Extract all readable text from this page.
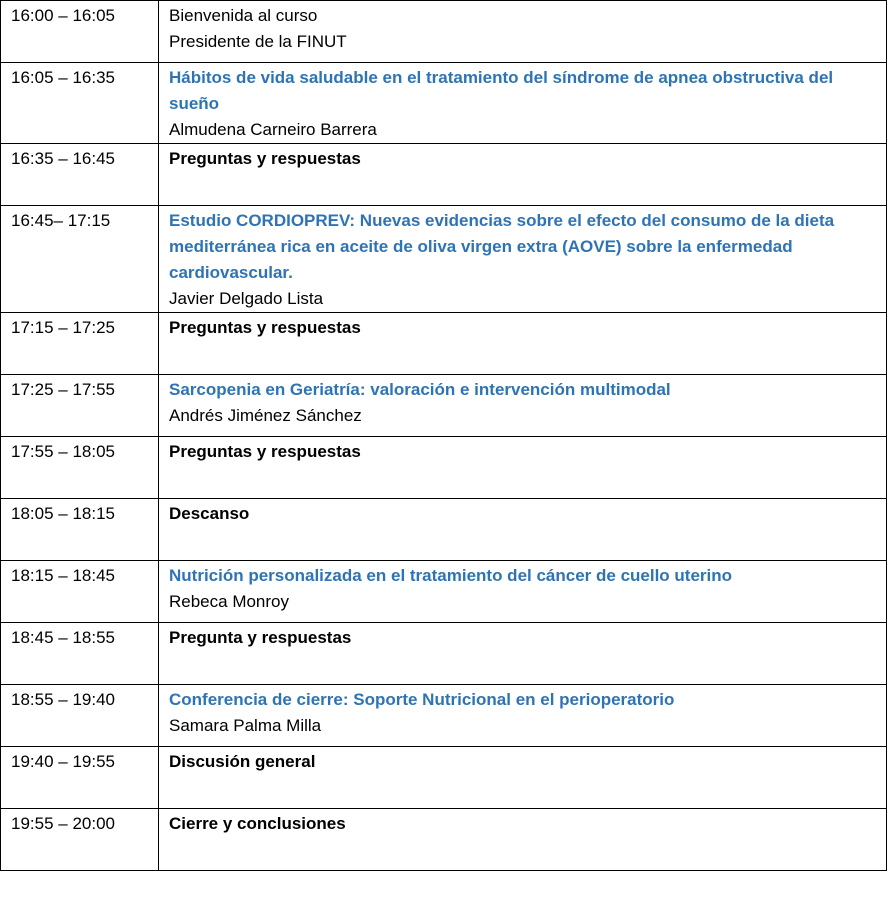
16:00 – 16:05	Bienvenida al curso
Presidente de la FINUT

16:05 – 16:35	Hábitos de vida saludable en el tratamiento del síndrome de apnea obstructiva del sueño
Almudena Carneiro Barrera

16:35 – 16:45	Preguntas y respuestas

16:45– 17:15	Estudio CORDIOPREV: Nuevas evidencias sobre el efecto del consumo de la dieta mediterránea rica en aceite de oliva virgen extra (AOVE) sobre la enfermedad cardiovascular.
Javier Delgado Lista

17:15 – 17:25	Preguntas y respuestas

17:25 – 17:55	Sarcopenia en Geriatría: valoración e intervención multimodal
Andrés Jiménez Sánchez

17:55 – 18:05	Preguntas y respuestas

18:05 – 18:15	Descanso

18:15 – 18:45	Nutrición personalizada en el tratamiento del cáncer de cuello uterino
Rebeca Monroy

18:45 – 18:55	Pregunta y respuestas

18:55 – 19:40	Conferencia de cierre: Soporte Nutricional en el perioperatorio
Samara Palma Milla

19:40 – 19:55	Discusión general

19:55 – 20:00	Cierre y conclusiones
